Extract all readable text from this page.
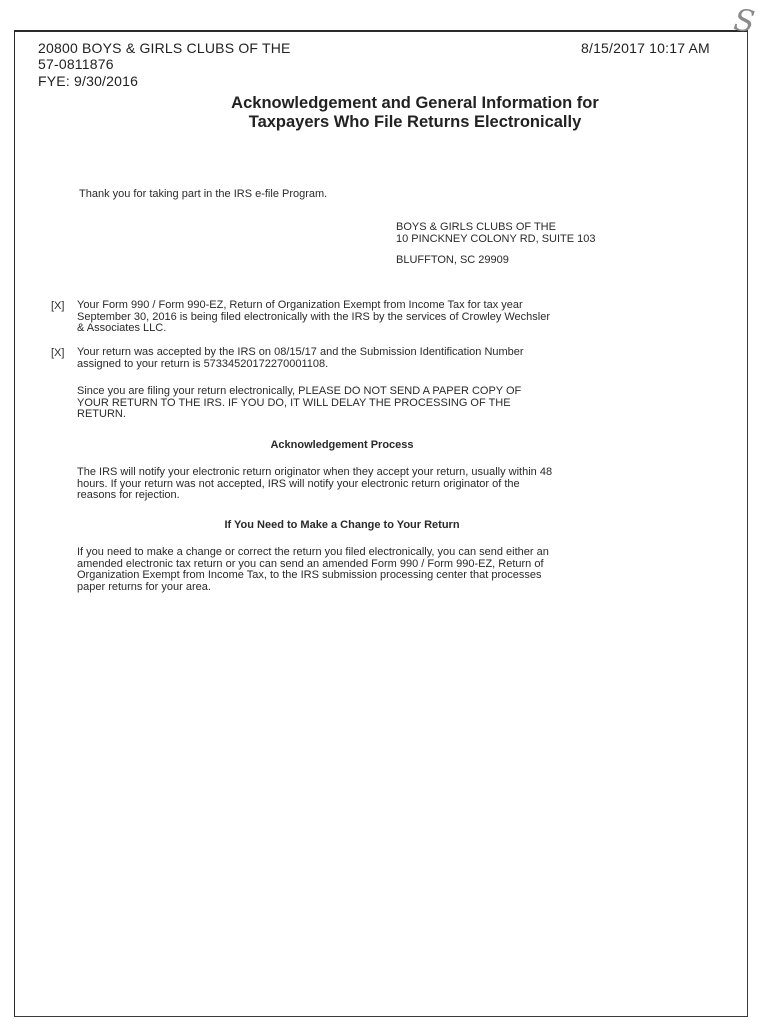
S
20800 BOYS & GIRLS CLUBS OF THE
57-0811876
FYE: 9/30/2016
8/15/2017 10:17 AM
Acknowledgement and General Information for
Taxpayers Who File Returns Electronically
Thank you for taking part in the IRS e-file Program.
BOYS & GIRLS CLUBS OF THE
10 PINCKNEY COLONY RD, SUITE 103
BLUFFTON, SC 29909
[X] Your Form 990 / Form 990-EZ, Return of Organization Exempt from Income Tax for tax year
September 30, 2016 is being filed electronically with the IRS by the services of Crowley Wechsler
& Associates LLC.
[X] Your return was accepted by the IRS on 08/15/17 and the Submission Identification Number
assigned to your return is 57334520172270001108.
Since you are filing your return electronically, PLEASE DO NOT SEND A PAPER COPY OF
YOUR RETURN TO THE IRS. IF YOU DO, IT WILL DELAY THE PROCESSING OF THE
RETURN.
Acknowledgement Process
The IRS will notify your electronic return originator when they accept your return, usually within 48
hours. If your return was not accepted, IRS will notify your electronic return originator of the
reasons for rejection.
If You Need to Make a Change to Your Return
If you need to make a change or correct the return you filed electronically, you can send either an
amended electronic tax return or you can send an amended Form 990 / Form 990-EZ, Return of
Organization Exempt from Income Tax, to the IRS submission processing center that processes
paper returns for your area.
